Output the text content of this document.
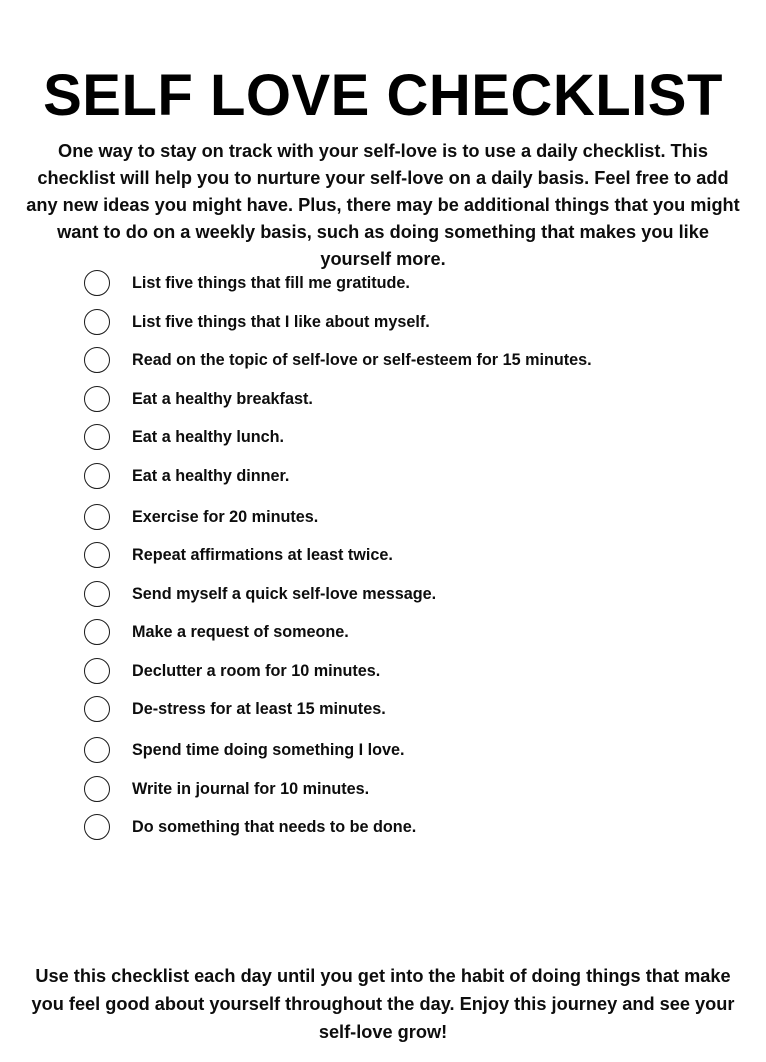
SELF LOVE CHECKLIST

One way to stay on track with your self-love is to use a daily checklist. This checklist will help you to nurture your self-love on a daily basis. Feel free to add any new ideas you might have. Plus, there may be additional things that you might want to do on a weekly basis, such as doing something that makes you like yourself more.

List five things that fill me gratitude.
List five things that I like about myself.
Read on the topic of self-love or self-esteem for 15 minutes.
Eat a healthy breakfast.
Eat a healthy lunch.
Eat a healthy dinner.
Exercise for 20 minutes.
Repeat affirmations at least twice.
Send myself a quick self-love message.
Make a request of someone.
Declutter a room for 10 minutes.
De-stress for at least 15 minutes.
Spend time doing something I love.
Write in journal for 10 minutes.
Do something that needs to be done.

Use this checklist each day until you get into the habit of doing things that make you feel good about yourself throughout the day. Enjoy this journey and see your self-love grow!
